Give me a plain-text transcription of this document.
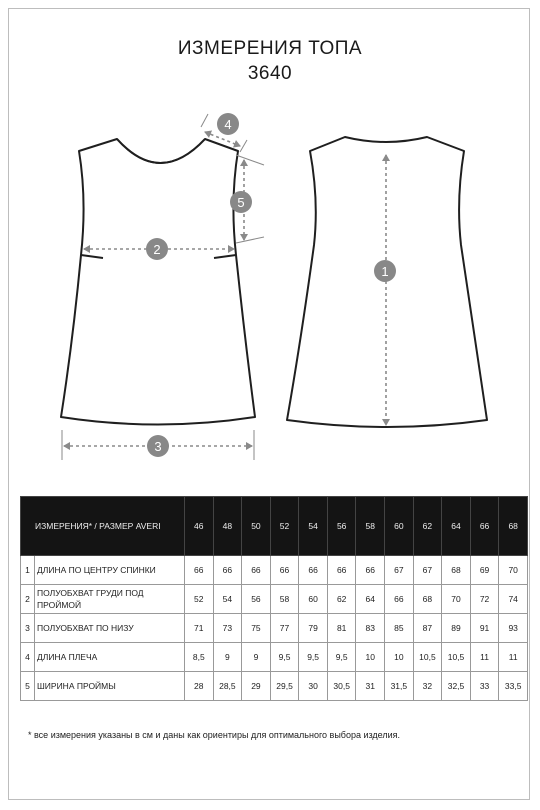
ИЗМЕРЕНИЯ ТОПА
3640
1
2
3
4
5
ИЗМЕРЕНИЯ* / РАЗМЕР AVERI		46	48	50	52	54	56	58	60	62	64	66	68
1	ДЛИНА ПО ЦЕНТРУ СПИНКИ	66	66	66	66	66	66	66	67	67	68	69	70
2	ПОЛУОБХВАТ ГРУДИ ПОД ПРОЙМОЙ	52	54	56	58	60	62	64	66	68	70	72	74
3	ПОЛУОБХВАТ ПО НИЗУ	71	73	75	77	79	81	83	85	87	89	91	93
4	ДЛИНА ПЛЕЧА	8,5	9	9	9,5	9,5	9,5	10	10	10,5	10,5	11	11
5	ШИРИНА ПРОЙМЫ	28	28,5	29	29,5	30	30,5	31	31,5	32	32,5	33	33,5
* все измерения указаны в см и даны как ориентиры для оптимального выбора изделия.
